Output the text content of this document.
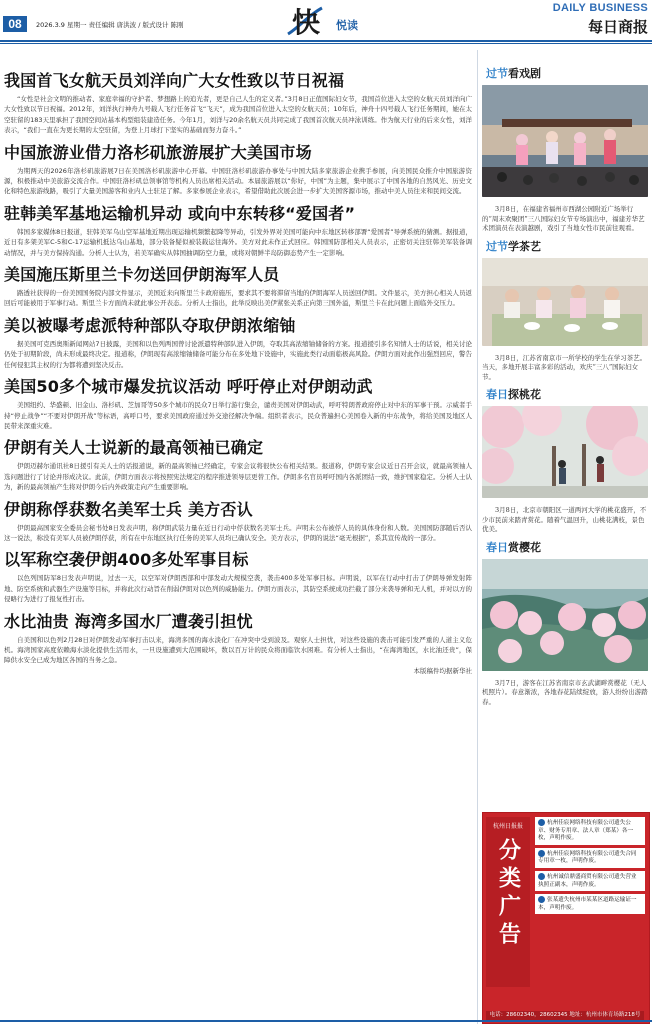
08	2026.3.9 星期一 责任编辑 唐洪波 / 版式设计 陈刚	快 悦读
DAILY BUSINESS
每日商报
我国首飞女航天员刘洋向广大女性致以节日祝福

“女性是社会文明的推动者、家庭幸福的守护者、梦想路上的追光者，更是自己人生的定义者。”3月8日正值国际妇女节，我国首位进入太空的女航天员刘洋向广大女性致以节日祝福。2012年，刘洋执行神舟九号载人飞行任务首飞“飞天”，成为我国首位进入太空的女航天员；10年后，神舟十四号载人飞行任务期间，她在太空驻留的183天里承担了我国空间站基本构型组装建造任务。今年1月，刘洋与20余名航天员共同完成了我国首次航天员冲泳训练。作为航天行业的后来女性，刘洋表示，“我们一直在为更长期的太空驻留，为登上月球打下坚实的基础而努力奋斗。”

中国旅游业借力洛杉矶旅游展扩大美国市场

为期两天的2026年洛杉矶旅游展7日在美国洛杉矶旅游中心开幕。中国驻洛杉矶旅游办事处与中国大陆多家旅游企业携手参展，向美国民众推介中国旅游资源，积极推动中美旅游交流合作。中国驻洛杉矶总领事馆等机构人员出席相关活动。本届旅游展以“你好，中国”为主题，集中展示了中国各地的自然风光、历史文化和特色旅游线路，吸引了大量美国游客和业内人士驻足了解。多家参展企业表示，希望借助此次展会进一步扩大美国客源市场，推动中美人员往来和民间交流。

驻韩美军基地运输机异动 或向中东转移“爱国者”

韩国多家媒体8日报道，驻韩美军乌山空军基地近期出现运输机频繁起降等异动，引发外界对美国可能向中东地区转移部署“爱国者”导弹系统的猜测。据报道，近日有多架美军C-5和C-17运输机抵达乌山基地，部分装备疑似被装载运往海外。美方对此未作正式回应。韩国国防部相关人员表示，正密切关注驻韩美军装备调动情况，并与美方保持沟通。分析人士认为，若美军确实从韩国抽调防空力量，或将对朝鲜半岛防御态势产生一定影响。

美国施压斯里兰卡勿送回伊朗海军人员

路透社获得的一份美国国务院内部文件显示，美国近来向斯里兰卡政府施压，要求其不要将滞留当地的伊朗海军人员送回伊朗。文件显示，美方担心相关人员返回后可能被用于军事行动。斯里兰卡方面尚未就此事公开表态。分析人士指出，此举反映出美伊紧张关系正向第三国外溢，斯里兰卡在此问题上面临外交压力。

美以被曝考虑派特种部队夺取伊朗浓缩铀

据美国可克西奥斯新闻网站7日披露，美国和以色列两国曾讨论派遣特种部队进入伊朗，夺取其高浓缩铀储备的方案。报道援引多名知情人士的话说，相关讨论仍处于初期阶段，尚未形成最终决定。报道称，伊朗现有高浓缩铀储备可能分布在多处地下设施中，实施此类行动面临极高风险。伊朗方面对此作出强烈回应，警告任何侵犯其主权的行为都将遭到坚决反击。

美国50多个城市爆发抗议活动 呼吁停止对伊朗动武

美国纽约、华盛顿、旧金山、洛杉矶、芝加哥等50多个城市的民众7日举行游行集会，谴责美国对伊朗动武，呼吁特朗普政府停止对中东的军事干预。示威者手持“停止战争”“不要对伊朗开战”等标语，高呼口号，要求美国政府通过外交途径解决争端。组织者表示，民众普遍担心美国卷入新的中东战争，将给美国及地区人民带来深重灾难。

伊朗有关人士说新的最高领袖已确定

伊朗迈赫尔通讯社8日援引有关人士的话报道说，新的最高领袖已经确定，专家会议将很快公布相关结果。报道称，伊朗专家会议近日召开会议，就最高领袖人选问题进行了讨论并形成决议。此前，伊朗方面表示将按照宪法规定的程序推进领导层更替工作。伊朗多名官员呼吁国内各派团结一致，维护国家稳定。分析人士认为，新的最高领袖产生将对伊朗今后内外政策走向产生重要影响。

伊朗称俘获数名美军士兵 美方否认

伊朗最高国家安全委员会秘书处8日发表声明，称伊朗武装力量在近日行动中俘获数名美军士兵。声明未公布被俘人员的具体身份和人数。美国国防部随后否认这一说法，称没有美军人员被伊朗俘获，所有在中东地区执行任务的美军人员均已确认安全。美方表示，伊朗的说法“毫无根据”，系其宣传战的一部分。

以军称空袭伊朗400多处军事目标

以色列国防军8日发表声明说，过去一天，以空军对伊朗西部和中部发动大规模空袭，袭击400多处军事目标。声明说，以军在行动中打击了伊朗导弹发射阵地、防空系统和武器生产设施等目标，并称此次行动旨在削弱伊朗对以色列的威胁能力。伊朗方面表示，其防空系统成功拦截了部分来袭导弹和无人机，并对以方的侵略行为进行了报复性打击。

水比油贵 海湾多国水厂遭袭引担忧

自美国和以色列2月28日对伊朗发动军事打击以来，海湾多国的海水淡化厂在冲突中受到波及。观察人士担忧，对这些设施的袭击可能引发严重的人道主义危机。海湾国家高度依赖海水淡化提供生活用水，一旦设施遭到大范围破坏，数以百万计的民众将面临饮水困难。有分析人士指出，“在海湾地区，水比油还贵”，保障供水安全已成为地区各国的当务之急。

本版稿件均据新华社
过节看戏剧

3月8日，在福建省福州市西湖公园附近广场举行的“周末欢聚团”三八国际妇女节专场演出中，福建芳华艺术团演员在表演越剧，戏引了当地女性市民前往观看。

过节学茶艺

3月8日，江苏省南京市一所学校的学生在学习茶艺。当天，多地开展丰富多彩的活动，欢庆“三八”国际妇女节。

春日探桃花

3月8日，北京市朝阳区一道两河大学的桃花盛开，不少市民前来踏青赏花。随着气温回升，山桃花满枝，景色优美。

春日赏樱花

3月7日，游客在江苏省南京市玄武湖畔赏樱花（无人机照片）。春意渐浓，各地春花陆续绽放，游人纷纷出游踏春。

杭州日报报
分类广告
杭州佳宸网络科技有限公司遗失公章、财务专用章、法人章（郑某）各一枚，声明作废。
杭州佳宸网络科技有限公司遗失合同专用章一枚，声明作废。
杭州诚信鼎盛商贸有限公司遗失营业执照正副本，声明作废。
张某遗失杭州市某某区道路运输证一本，声明作废。
电话：28602340，28602345 地址：杭州市体育场路218号
